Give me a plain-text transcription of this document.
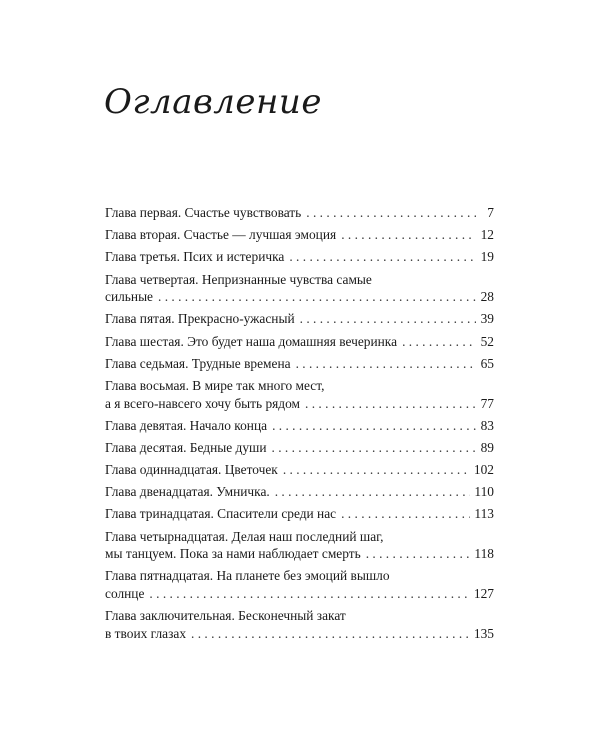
Оглавление
Глава первая. Счастье чувствовать . . .	7
Глава вторая. Счастье — лучшая эмоция . . .	12
Глава третья. Псих и истеричка . . .	19
Глава четвертая. Непризнанные чувства самые
сильные . . .	28
Глава пятая. Прекрасно-ужасный . . .	39
Глава шестая. Это будет наша домашняя вечеринка . . .	52
Глава седьмая. Трудные времена . . .	65
Глава восьмая. В мире так много мест,
а я всего-навсего хочу быть рядом . . .	77
Глава девятая. Начало конца . . .	83
Глава десятая. Бедные души . . .	89
Глава одиннадцатая. Цветочек . . .	102
Глава двенадцатая. Умничка. . . .	110
Глава тринадцатая. Спасители среди нас . . .	113
Глава четырнадцатая. Делая наш последний шаг,
мы танцуем. Пока за нами наблюдает смерть . . .	118
Глава пятнадцатая. На планете без эмоций вышло
солнце . . .	127
Глава заключительная. Бесконечный закат
в твоих глазах . . .	135
